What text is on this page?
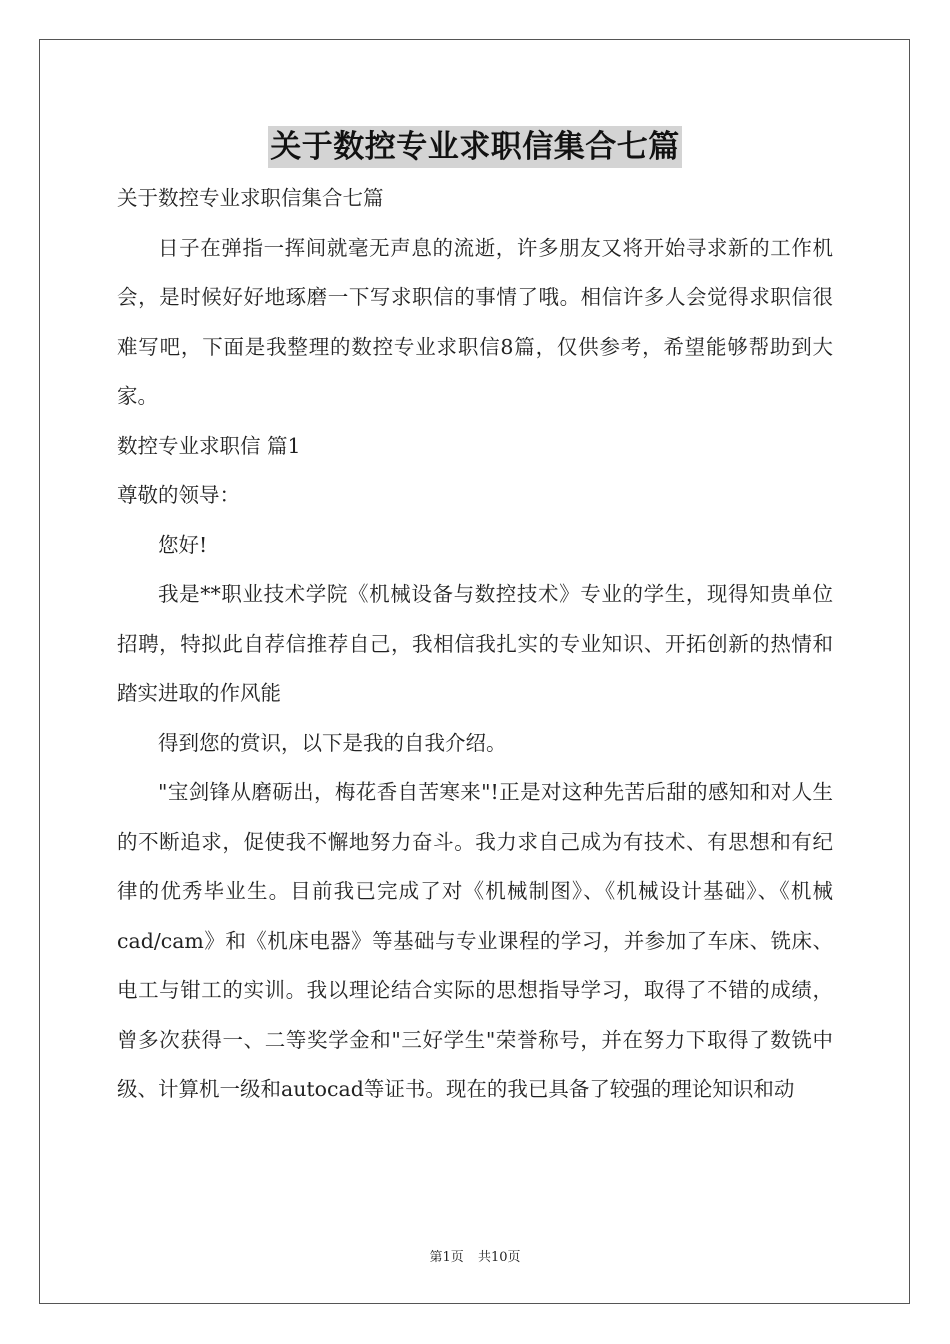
关于数控专业求职信集合七篇

关于数控专业求职信集合七篇

日子在弹指一挥间就毫无声息的流逝，许多朋友又将开始寻求新的工作机会，是时候好好地琢磨一下写求职信的事情了哦。相信许多人会觉得求职信很难写吧，下面是我整理的数控专业求职信8篇，仅供参考，希望能够帮助到大家。

数控专业求职信 篇1

尊敬的领导：

您好!

我是**职业技术学院《机械设备与数控技术》专业的学生，现得知贵单位招聘，特拟此自荐信推荐自己，我相信我扎实的专业知识、开拓创新的热情和踏实进取的作风能

得到您的赏识，以下是我的自我介绍。

"宝剑锋从磨砺出，梅花香自苦寒来"!正是对这种先苦后甜的感知和对人生的不断追求，促使我不懈地努力奋斗。我力求自己成为有技术、有思想和有纪律的优秀毕业生。目前我已完成了对《机械制图》、《机械设计基础》、《机械cad/cam》和《机床电器》等基础与专业课程的学习，并参加了车床、铣床、电工与钳工的实训。我以理论结合实际的思想指导学习，取得了不错的成绩，曾多次获得一、二等奖学金和"三好学生"荣誉称号，并在努力下取得了数铣中级、计算机一级和autocad等证书。现在的我已具备了较强的理论知识和动

第1页 共10页
